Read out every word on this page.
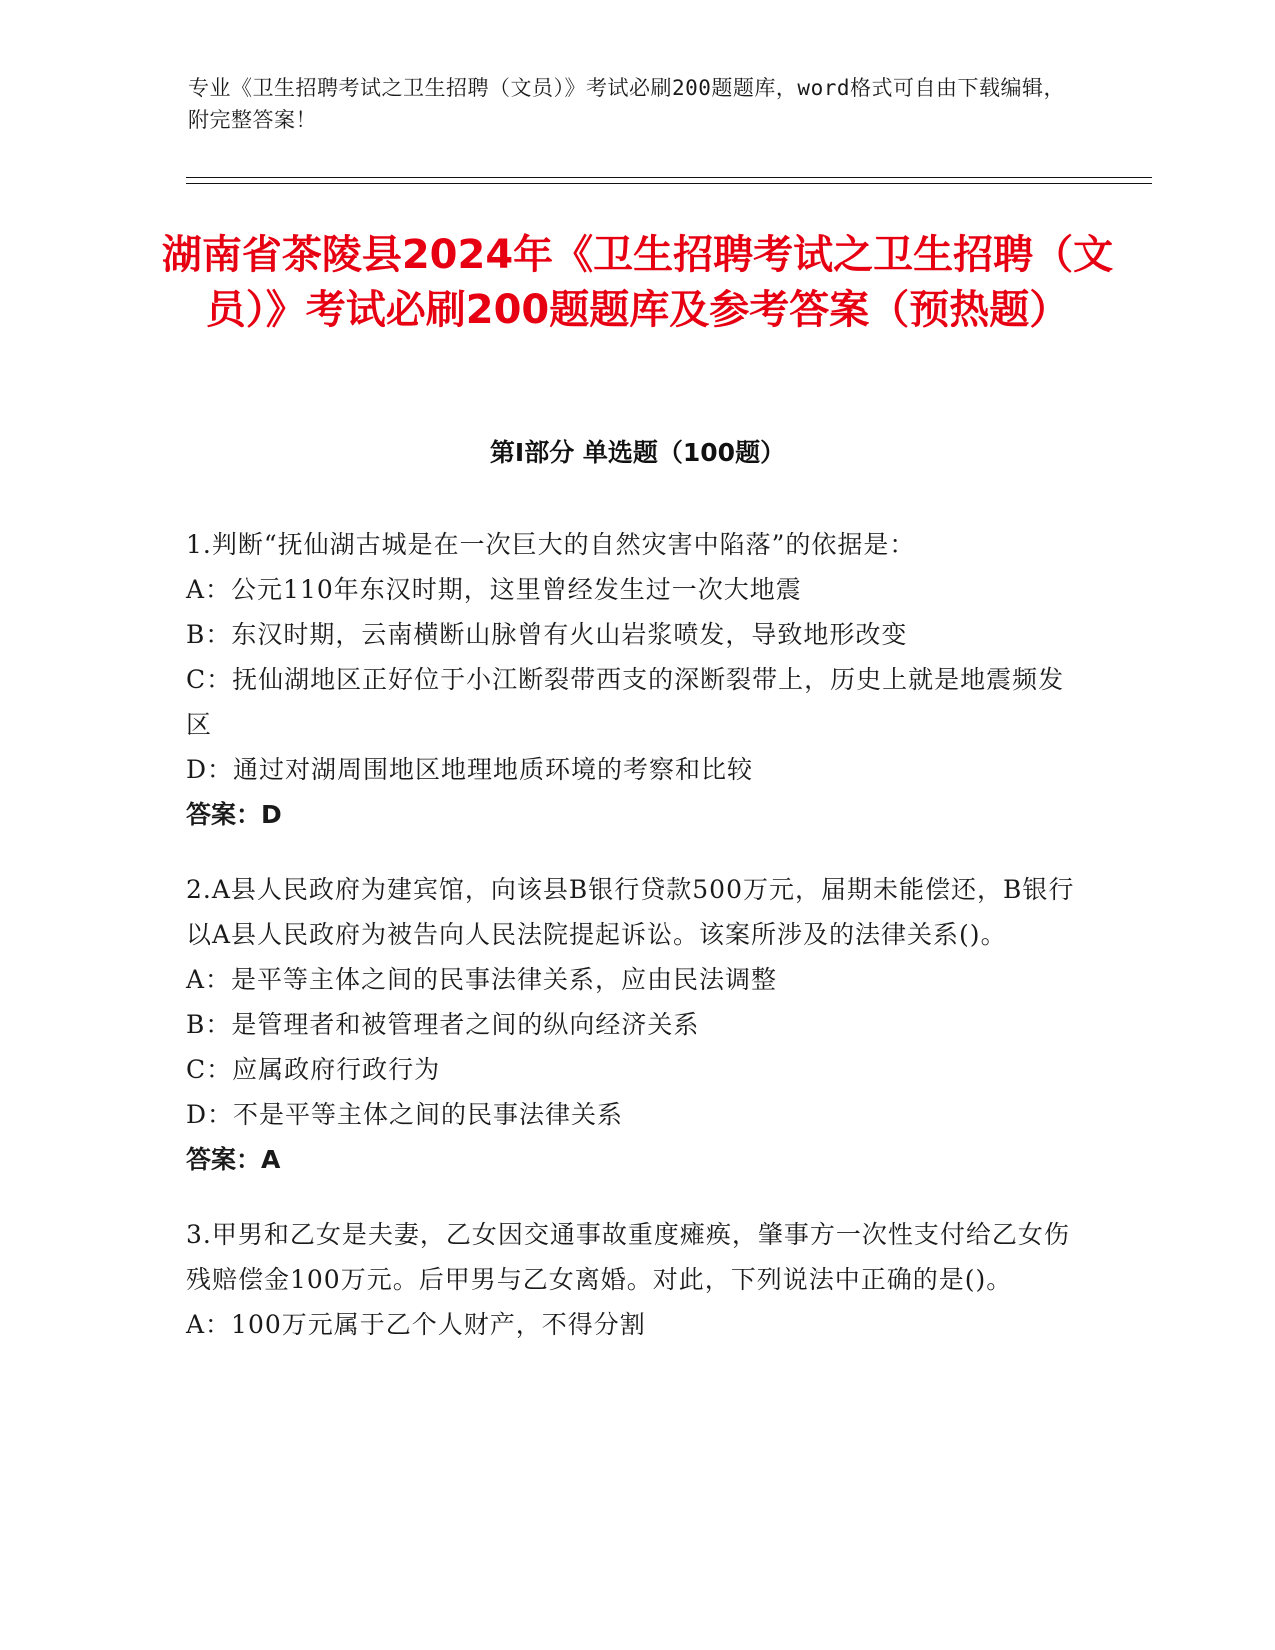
专业《卫生招聘考试之卫生招聘（文员）》考试必刷200题题库，word格式可自由下载编辑，附完整答案！
湖南省茶陵县2024年《卫生招聘考试之卫生招聘（文员）》考试必刷200题题库及参考答案（预热题）
第Ⅰ部分 单选题（100题）

1.判断“抚仙湖古城是在一次巨大的自然灾害中陷落”的依据是：

A：公元110年东汉时期，这里曾经发生过一次大地震

B：东汉时期，云南横断山脉曾有火山岩浆喷发，导致地形改变

C：抚仙湖地区正好位于小江断裂带西支的深断裂带上，历史上就是地震频发区

D：通过对湖周围地区地理地质环境的考察和比较

答案：D

2.A县人民政府为建宾馆，向该县B银行贷款500万元，届期未能偿还，B银行以A县人民政府为被告向人民法院提起诉讼。该案所涉及的法律关系()。

A：是平等主体之间的民事法律关系，应由民法调整

B：是管理者和被管理者之间的纵向经济关系

C：应属政府行政行为

D：不是平等主体之间的民事法律关系

答案：A

3.甲男和乙女是夫妻，乙女因交通事故重度瘫痪，肇事方一次性支付给乙女伤残赔偿金100万元。后甲男与乙女离婚。对此，下列说法中正确的是()。

A：100万元属于乙个人财产，不得分割
